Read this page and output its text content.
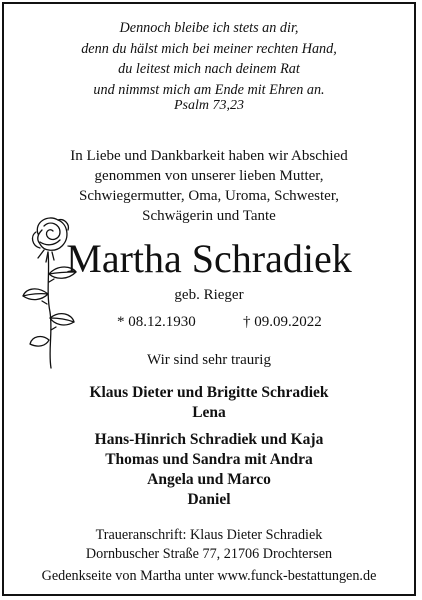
Dennoch bleibe ich stets an dir,
denn du hälst mich bei meiner rechten Hand,
du leitest mich nach deinem Rat
und nimmst mich am Ende mit Ehren an.
Psalm 73,23
In Liebe und Dankbarkeit haben wir Abschied
genommen von unserer lieben Mutter,
Schwiegermutter, Oma, Uroma, Schwester,
Schwägerin und Tante
Martha Schradiek
geb. Rieger
* 08.12.1930	† 09.09.2022
Wir sind sehr traurig
Klaus Dieter und Brigitte Schradiek
Lena
Hans-Hinrich Schradiek und Kaja
Thomas und Sandra mit Andra
Angela und Marco
Daniel
Traueranschrift: Klaus Dieter Schradiek
Dornbuscher Straße 77, 21706 Drochtersen
Gedenkseite von Martha unter www.funck-bestattungen.de
